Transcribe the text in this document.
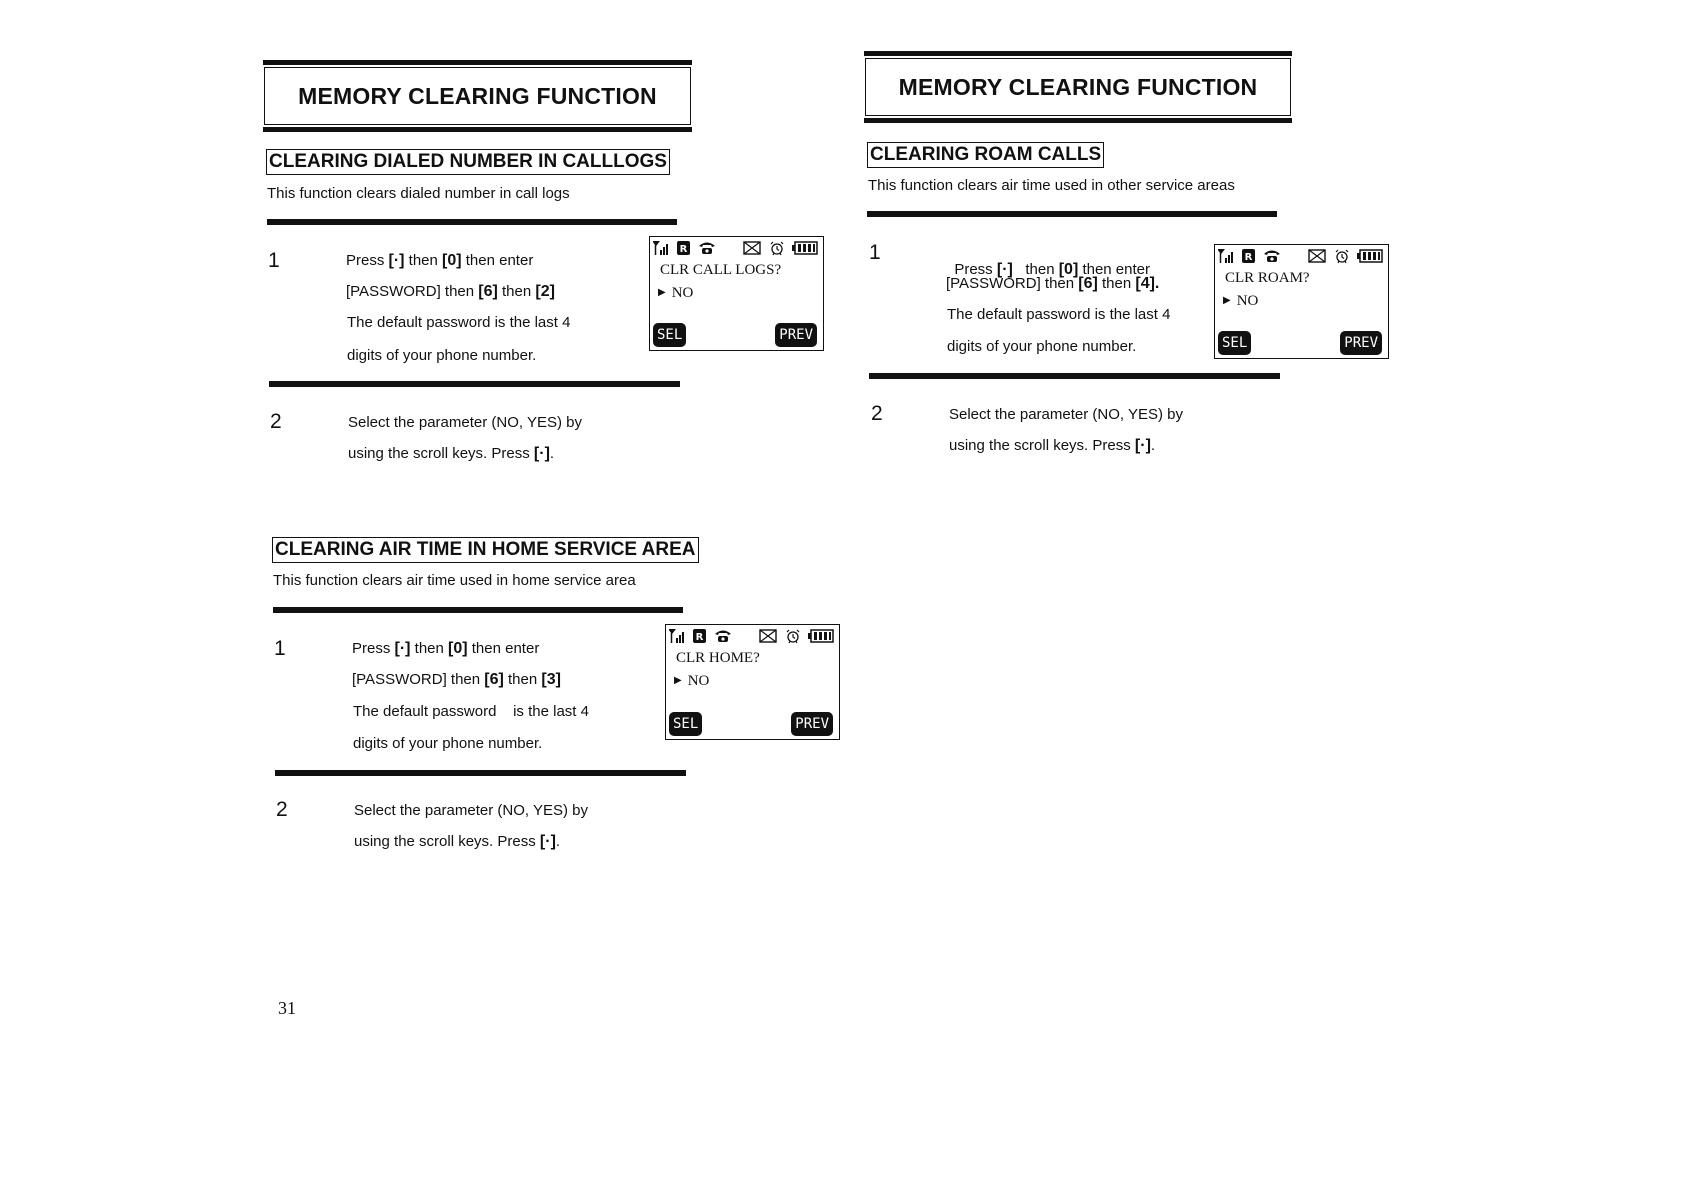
MEMORY CLEARING FUNCTION
CLEARING DIALED NUMBER IN CALLLOGS
This function clears dialed number in call logs
1	Press [·] then [0] then enter
[PASSWORD] then [6] then [2]
The default password is the last 4
digits of your phone number.
R
CLR CALL LOGS?
▶ NO
SEL	PREV
2	Select the parameter (NO, YES) by
using the scroll keys. Press [·].
CLEARING AIR TIME IN HOME SERVICE AREA
This function clears air time used in home service area
1	Press [·] then [0] then enter
[PASSWORD] then [6] then [3]
The default password    is the last 4
digits of your phone number.
R
CLR HOME?
▶ NO
SEL	PREV
2	Select the parameter (NO, YES) by
using the scroll keys. Press [·].
31
MEMORY CLEARING FUNCTION
CLEARING ROAM CALLS
This function clears air time used in other service areas
1

Press [·]   then [0] then enter

[PASSWORD] then [6] then [4].
The default password is the last 4
digits of your phone number.
R
CLR ROAM?
▶ NO
SEL	PREV
2	Select the parameter (NO, YES) by
using the scroll keys. Press [·].
